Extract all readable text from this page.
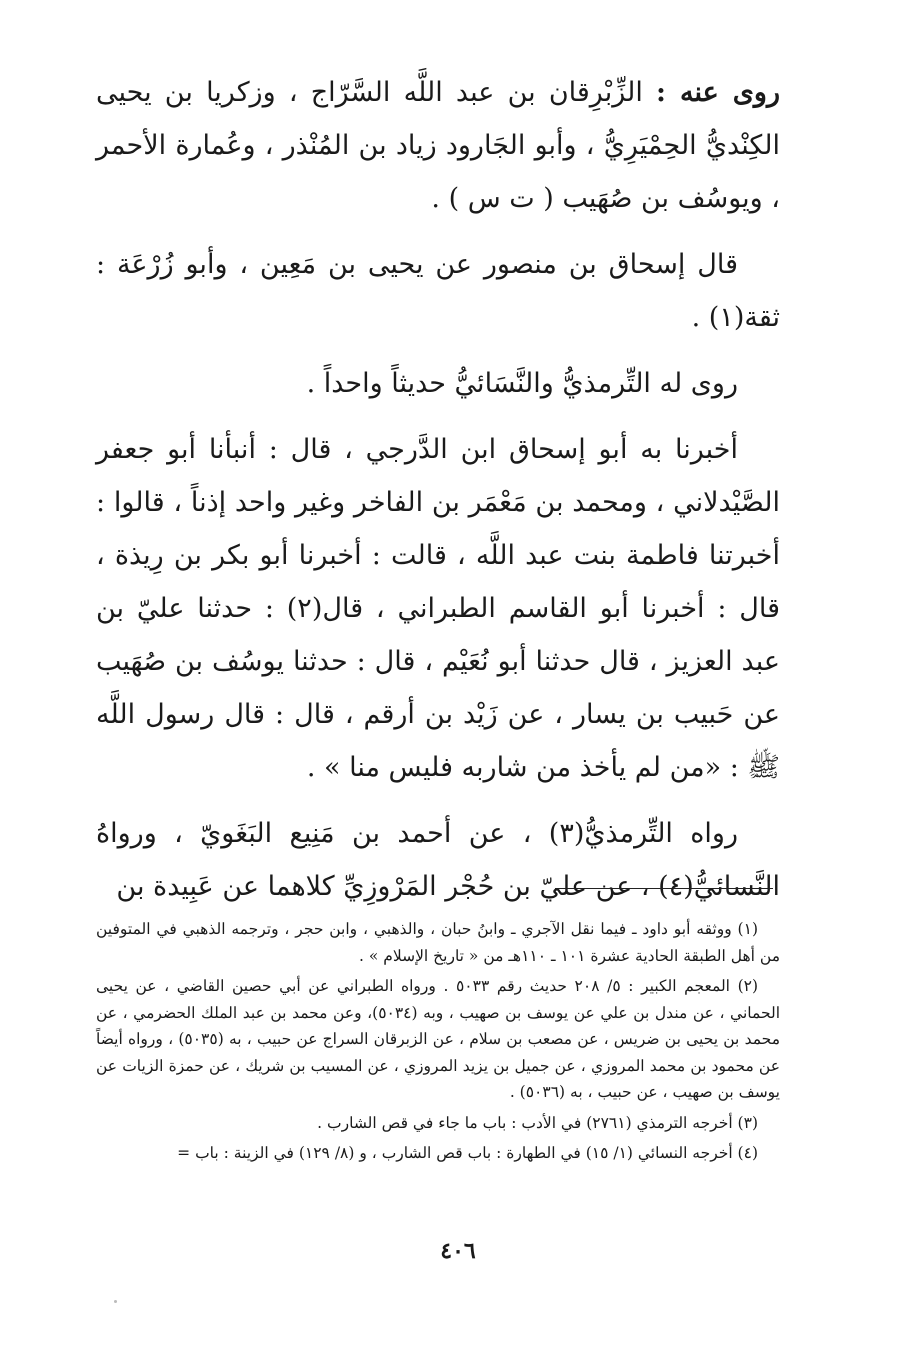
روى عنه : الزِّبْرِقان بن عبد اللَّه السَّرّاج ، وزكريا بن يحيى الكِنْديُّ الحِمْيَرِيُّ ، وأبو الجَارود زياد بن المُنْذر ، وعُمارة الأحمر ، ويوسُف بن صُهَيب ( ت س ) .

قال إسحاق بن منصور عن يحيى بن مَعِين ، وأبو زُرْعَة : ثقة(١) .

روى له التِّرمذيُّ والنَّسَائيُّ حديثاً واحداً .

أخبرنا به أبو إسحاق ابن الدَّرجي ، قال : أنبأنا أبو جعفر الصَّيْدلاني ، ومحمد بن مَعْمَر بن الفاخر وغير واحد إذناً ، قالوا : أخبرتنا فاطمة بنت عبد اللَّه ، قالت : أخبرنا أبو بكر بن رِيذة ، قال : أخبرنا أبو القاسم الطبراني ، قال(٢) : حدثنا عليّ بن عبد العزيز ، قال حدثنا أبو نُعَيْم ، قال : حدثنا يوسُف بن صُهَيب عن حَبيب بن يسار ، عن زَيْد بن أرقم ، قال : قال رسول اللَّه ﷺ : «من لم يأخذ من شاربه فليس منا » .

رواه التِّرمذيُّ(٣) ، عن أحمد بن مَنِيع البَغَويّ ، ورواهُ النَّسائيُّ(٤) ، عن عليّ بن حُجْر المَرْوزِيِّ كلاهما عن عَبِيدة بن

(١) ووثقه أبو داود ـ فيما نقل الآجري ـ وابنُ حبان ، والذهبي ، وابن حجر ، وترجمه الذهبي في المتوفين من أهل الطبقة الحادية عشرة ١٠١ ـ ١١٠هـ من « تاريخ الإسلام » .

(٢) المعجم الكبير : ٥/ ٢٠٨ حديث رقم ٥٠٣٣ . ورواه الطبراني عن أبي حصين القاضي ، عن يحيى الحماني ، عن مندل بن علي عن يوسف بن صهيب ، وبه (٥٠٣٤)، وعن محمد بن عبد الملك الحضرمي ، عن محمد بن يحيى بن ضريس ، عن مصعب بن سلام ، عن الزبرقان السراج عن حبيب ، به (٥٠٣٥) ، ورواه أيضاً عن محمود بن محمد المروزي ، عن جميل بن يزيد المروزي ، عن المسيب بن شريك ، عن حمزة الزيات عن يوسف بن صهيب ، عن حبيب ، به (٥٠٣٦) .

(٣) أخرجه الترمذي (٢٧٦١) في الأدب : باب ما جاء في قص الشارب .

(٤) أخرجه النسائي (١/ ١٥) في الطهارة : باب قص الشارب ، و (٨/ ١٢٩) في الزينة : باب =

٤٠٦
